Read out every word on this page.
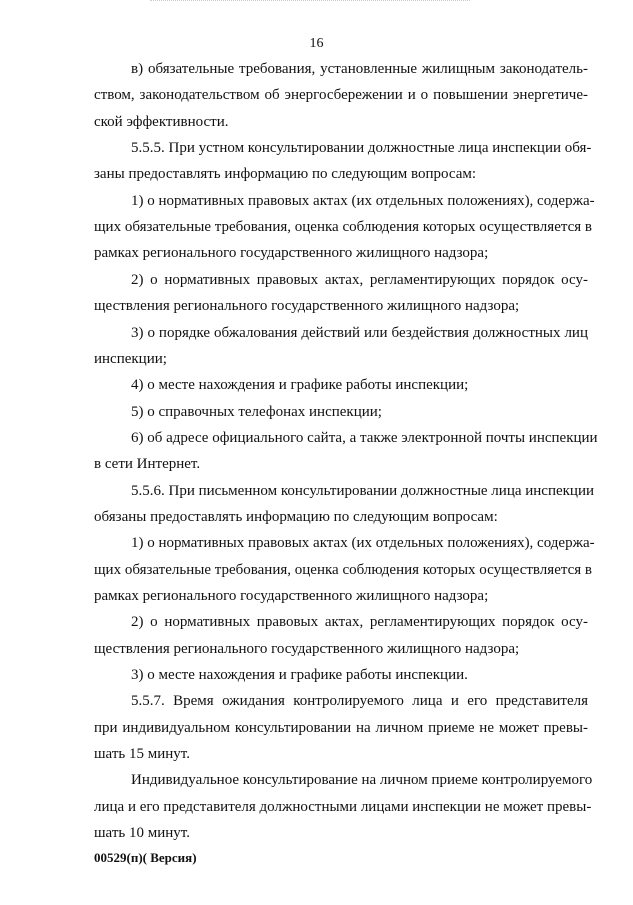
16
в) обязательные требования, установленные жилищным законодатель-
ством, законодательством об энергосбережении и о повышении энергетиче-
ской эффективности.
5.5.5. При устном консультировании должностные лица инспекции обя-
заны предоставлять информацию по следующим вопросам:
1) о нормативных правовых актах (их отдельных положениях), содержа-
щих обязательные требования, оценка соблюдения которых осуществляется в
рамках регионального государственного жилищного надзора;
2) о нормативных правовых актах, регламентирующих порядок осу-
ществления регионального государственного жилищного надзора;
3) о порядке обжалования действий или бездействия должностных лиц
инспекции;
4) о месте нахождения и графике работы инспекции;
5) о справочных телефонах инспекции;
6) об адресе официального сайта, а также электронной почты инспекции
в сети Интернет.
5.5.6. При письменном консультировании должностные лица инспекции
обязаны предоставлять информацию по следующим вопросам:
1) о нормативных правовых актах (их отдельных положениях), содержа-
щих обязательные требования, оценка соблюдения которых осуществляется в
рамках регионального государственного жилищного надзора;
2) о нормативных правовых актах, регламентирующих порядок осу-
ществления регионального государственного жилищного надзора;
3) о месте нахождения и графике работы инспекции.
5.5.7. Время ожидания контролируемого лица и его представителя
при индивидуальном консультировании на личном приеме не может превы-
шать 15 минут.
Индивидуальное консультирование на личном приеме контролируемого
лица и его представителя должностными лицами инспекции не может превы-
шать 10 минут.
00529(п)( Версия)
